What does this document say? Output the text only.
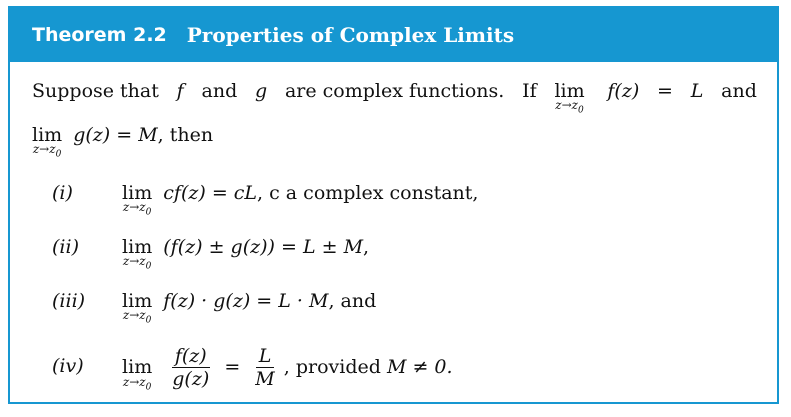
Theorem 2.2 Properties of Complex Limits
Suppose that f and g are complex functions. If lim
$z\to z_0$
f(z) = L and
lim
$z\to z_0$
g(z) = M, then
(i)	lim
$z\to z_0$
cf(z) = cL, c a complex constant,
(ii) lim
$z\to z_0$
(f(z) ± g(z)) = L ± M,
(iii) lim
$z\to z_0$
f(z) · g(z) = L · M, and
(iv) lim
$z\to z_0$
$\frac{f(z)}{g(z)} = \frac{L}{M}$ , provided M ≠ 0.
